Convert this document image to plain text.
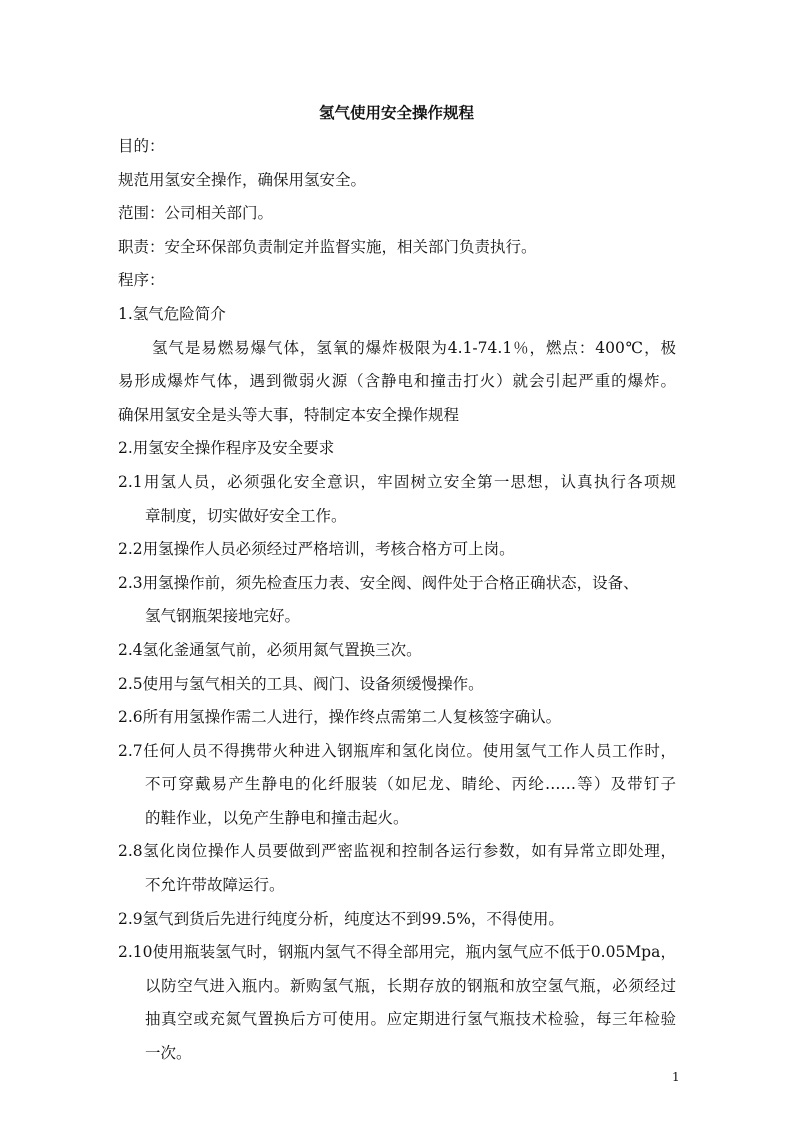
氢气使用安全操作规程
目的：
规范用氢安全操作，确保用氢安全。
范围：公司相关部门。
职责：安全环保部负责制定并监督实施，相关部门负责执行。
程序：
1.氢气危险简介
氢气是易燃易爆气体，氢氧的爆炸极限为4.1-74.1％，燃点：400℃，极
易形成爆炸气体，遇到微弱火源（含静电和撞击打火）就会引起严重的爆炸。
确保用氢安全是头等大事，特制定本安全操作规程
2.用氢安全操作程序及安全要求
2.1用氢人员，必须强化安全意识，牢固树立安全第一思想，认真执行各项规
章制度，切实做好安全工作。
2.2用氢操作人员必须经过严格培训，考核合格方可上岗。
2.3用氢操作前，须先检查压力表、安全阀、阀件处于合格正确状态，设备、
氢气钢瓶架接地完好。
2.4氢化釜通氢气前，必须用氮气置换三次。
2.5使用与氢气相关的工具、阀门、设备须缓慢操作。
2.6所有用氢操作需二人进行，操作终点需第二人复核签字确认。
2.7任何人员不得携带火种进入钢瓶库和氢化岗位。使用氢气工作人员工作时，
不可穿戴易产生静电的化纤服装（如尼龙、睛纶、丙纶……等）及带钉子
的鞋作业，以免产生静电和撞击起火。
2.8氢化岗位操作人员要做到严密监视和控制各运行参数，如有异常立即处理，
不允许带故障运行。
2.9氢气到货后先进行纯度分析，纯度达不到99.5%，不得使用。
2.10使用瓶装氢气时，钢瓶内氢气不得全部用完，瓶内氢气应不低于0.05Mpa，
以防空气进入瓶内。新购氢气瓶，长期存放的钢瓶和放空氢气瓶，必须经过
抽真空或充氮气置换后方可使用。应定期进行氢气瓶技术检验，每三年检验
一次。
1
